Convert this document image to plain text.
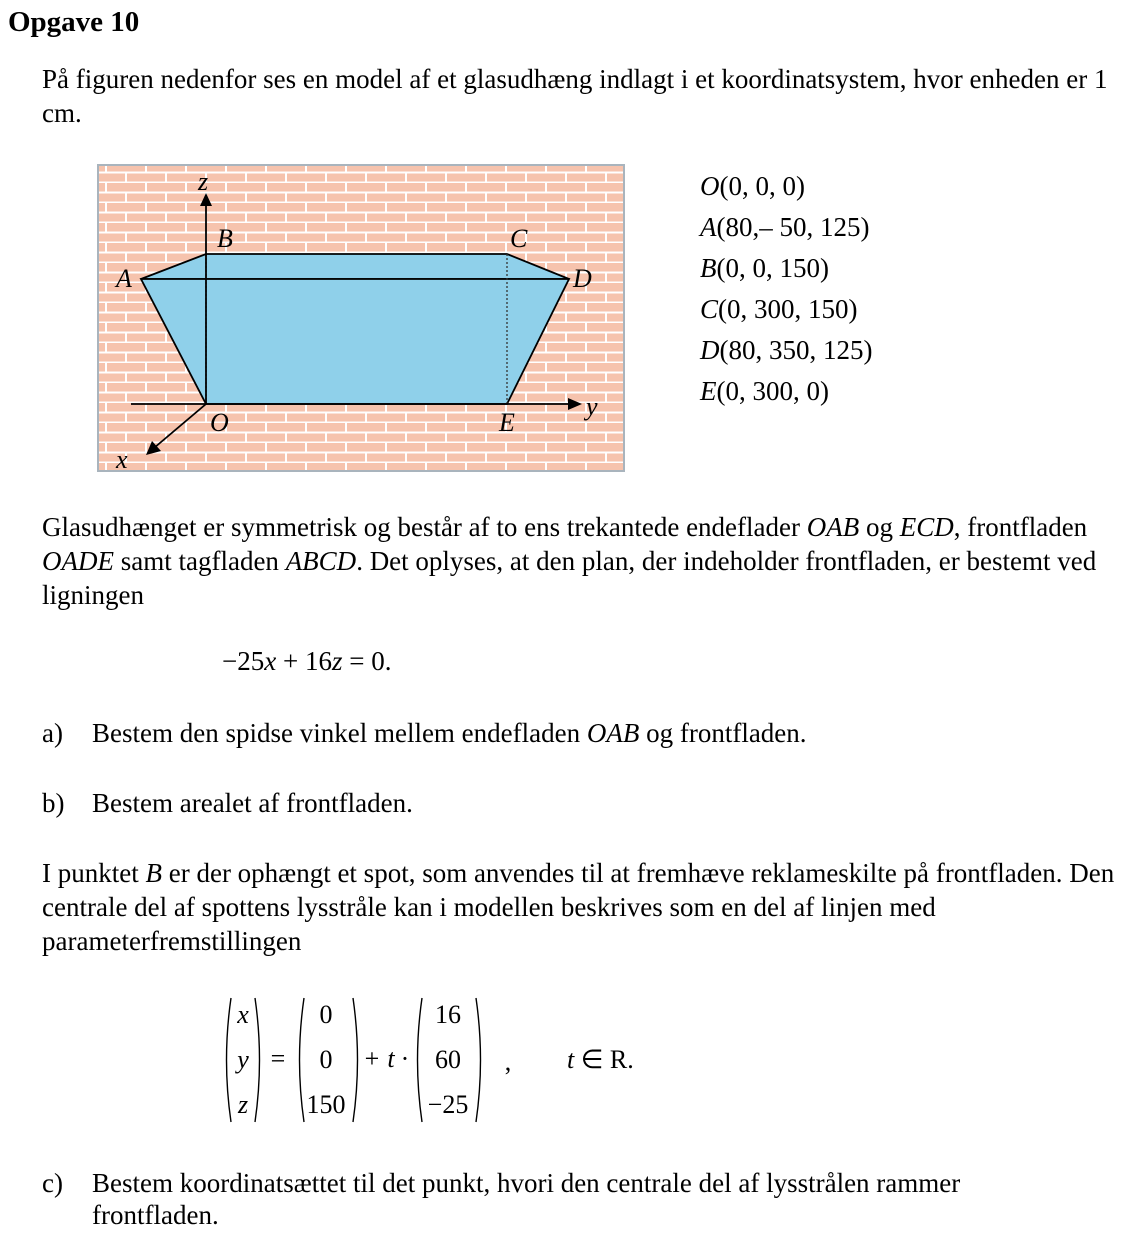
Opgave 10
På figuren nedenfor ses en model af et glasudhæng indlagt i et koordinatsystem, hvor enheden er 1 cm.
z
B	C
A	D
O	E
y
x
O(0, 0, 0)
A(80,– 50, 125)
B(0, 0, 150)
C(0, 300, 150)
D(80, 350, 125)
E(0, 300, 0)
Glasudhænget er symmetrisk og består af to ens trekantede endeflader OAB og ECD, frontfladen OADE samt tagfladen ABCD. Det oplyses, at den plan, der indeholder frontfladen, er bestemt ved ligningen
−25x + 16z = 0.
a) Bestem den spidse vinkel mellem endefladen OAB og frontfladen.
b) Bestem arealet af frontfladen.
I punktet B er der ophængt et spot, som anvendes til at fremhæve reklameskilte på frontfladen. Den centrale del af spottens lysstråle kan i modellen beskrives som en del af linjen med parameterfremstillingen
x
y
z
=
0
0
150
+ t ·
16
60
−25
, t ∈ R.
c) Bestem koordinatsættet til det punkt, hvori den centrale del af lysstrålen rammer
frontfladen.
